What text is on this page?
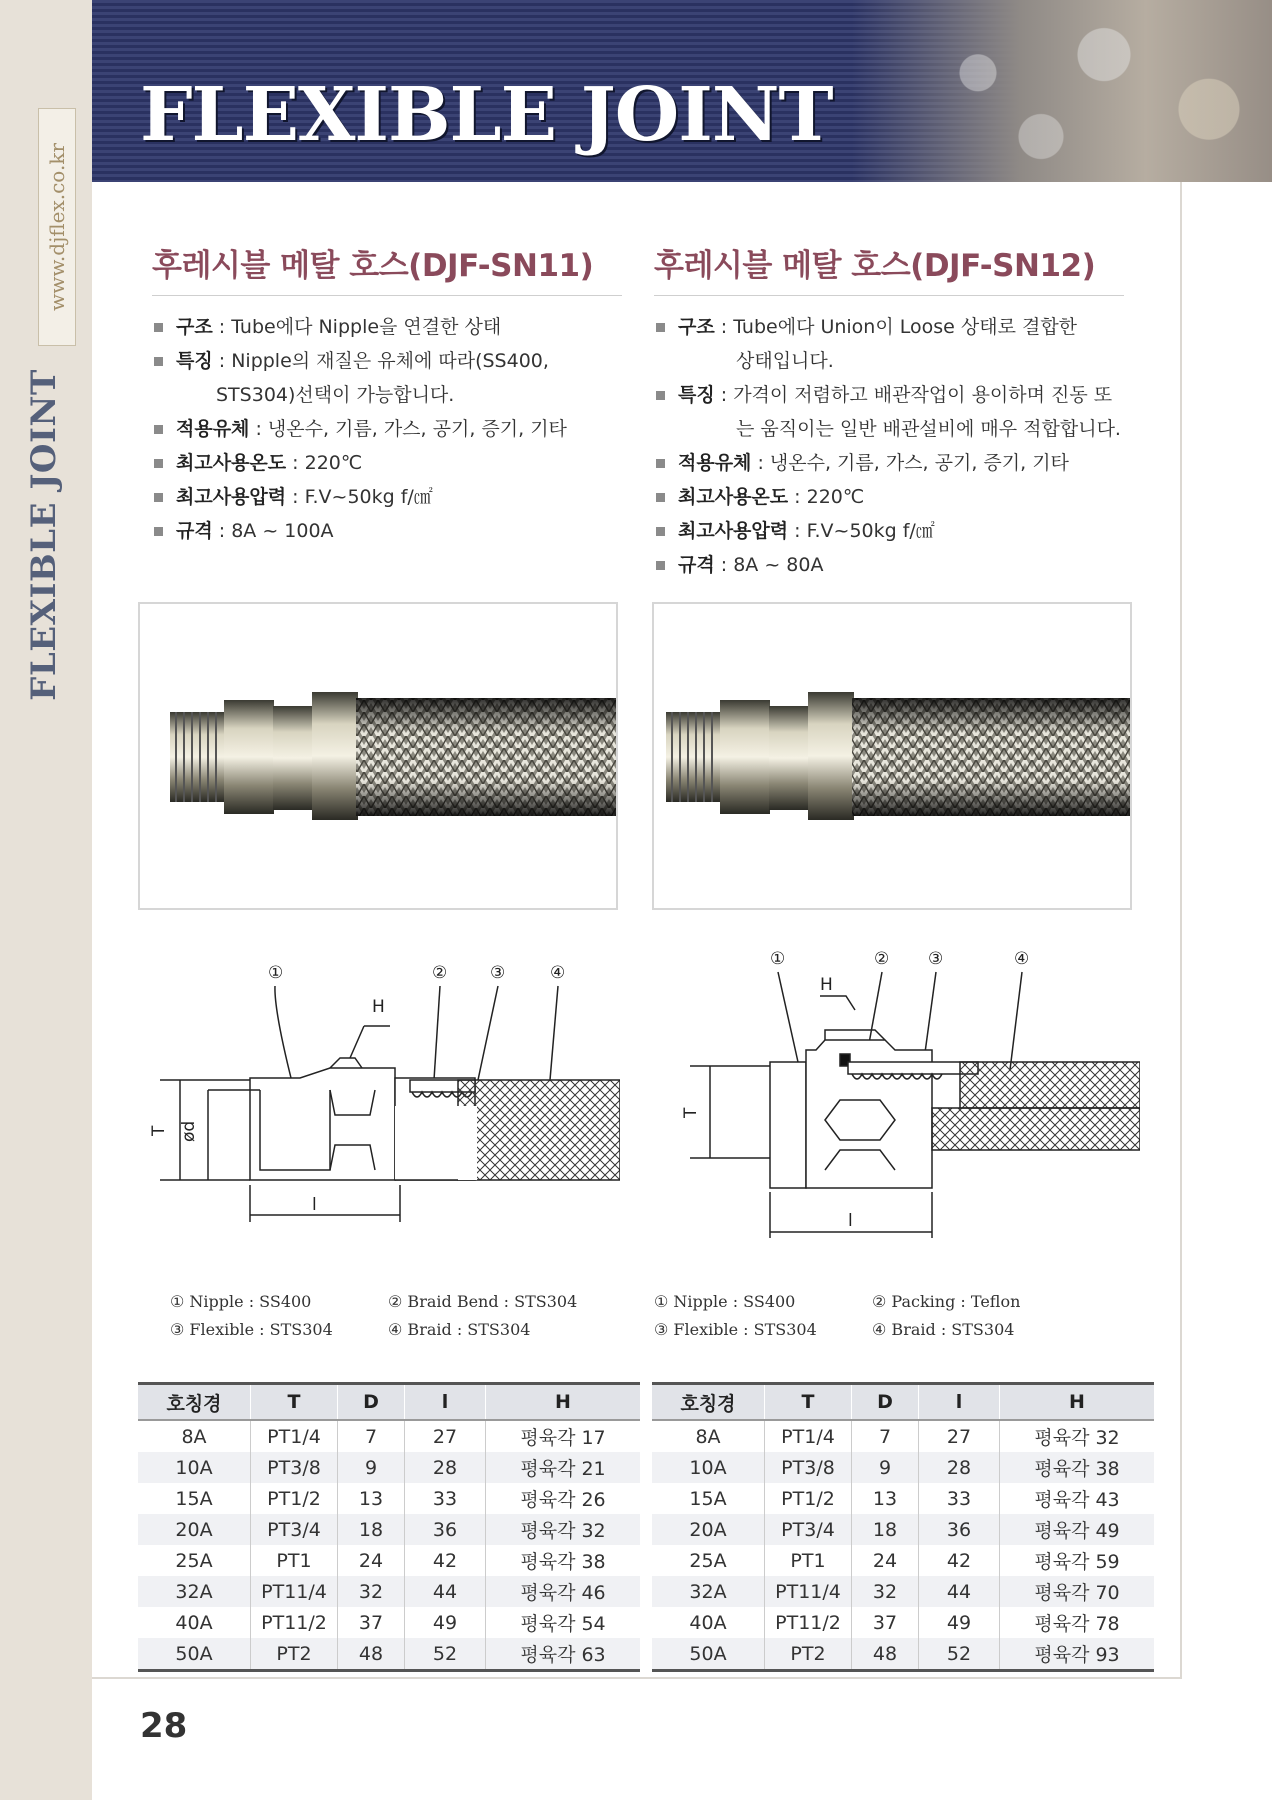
www.djflex.co.kr
FLEXIBLE JOINT
FLEXIBLE JOINT
후레시블 메탈 호스(DJF-SN11)
구조 : Tube에다 Nipple을 연결한 상태
특징 : Nipple의 재질은 유체에 따라(SS400,
STS304)선택이 가능합니다.
적용유체 : 냉온수, 기름, 가스, 공기, 증기, 기타
최고사용온도 : 220℃
최고사용압력 : F.V~50kg f/㎠
규격 : 8A ~ 100A
후레시블 메탈 호스(DJF-SN12)
구조 : Tube에다 Union이 Loose 상태로 결합한
상태입니다.
특징 : 가격이 저렴하고 배관작업이 용이하며 진동 또
는 움직이는 일반 배관설비에 매우 적합합니다.
적용유체 : 냉온수, 기름, 가스, 공기, 증기, 기타
최고사용온도 : 220℃
최고사용압력 : F.V~50kg f/㎠
규격 : 8A ~ 80A
①	②	③	④
H
T ød
l
①	② ③	④
H
T
l
① Nipple : SS400	② Braid Bend : STS304
③ Flexible : STS304	④ Braid : STS304
① Nipple : SS400	② Packing : Teflon
③ Flexible : STS304	④ Braid : STS304
호칭경	T	D	l	H
8A	PT1/4	7	27	평육각 17
10A	PT3/8	9	28	평육각 21
15A	PT1/2	13	33	평육각 26
20A	PT3/4	18	36	평육각 32
25A	PT1	24	42	평육각 38
32A	PT11/4	32	44	평육각 46
40A	PT11/2	37	49	평육각 54
50A	PT2	48	52	평육각 63
호칭경	T	D	l	H
8A	PT1/4	7	27	평육각 32
10A	PT3/8	9	28	평육각 38
15A	PT1/2	13	33	평육각 43
20A	PT3/4	18	36	평육각 49
25A	PT1	24	42	평육각 59
32A	PT11/4	32	44	평육각 70
40A	PT11/2	37	49	평육각 78
50A	PT2	48	52	평육각 93
28
